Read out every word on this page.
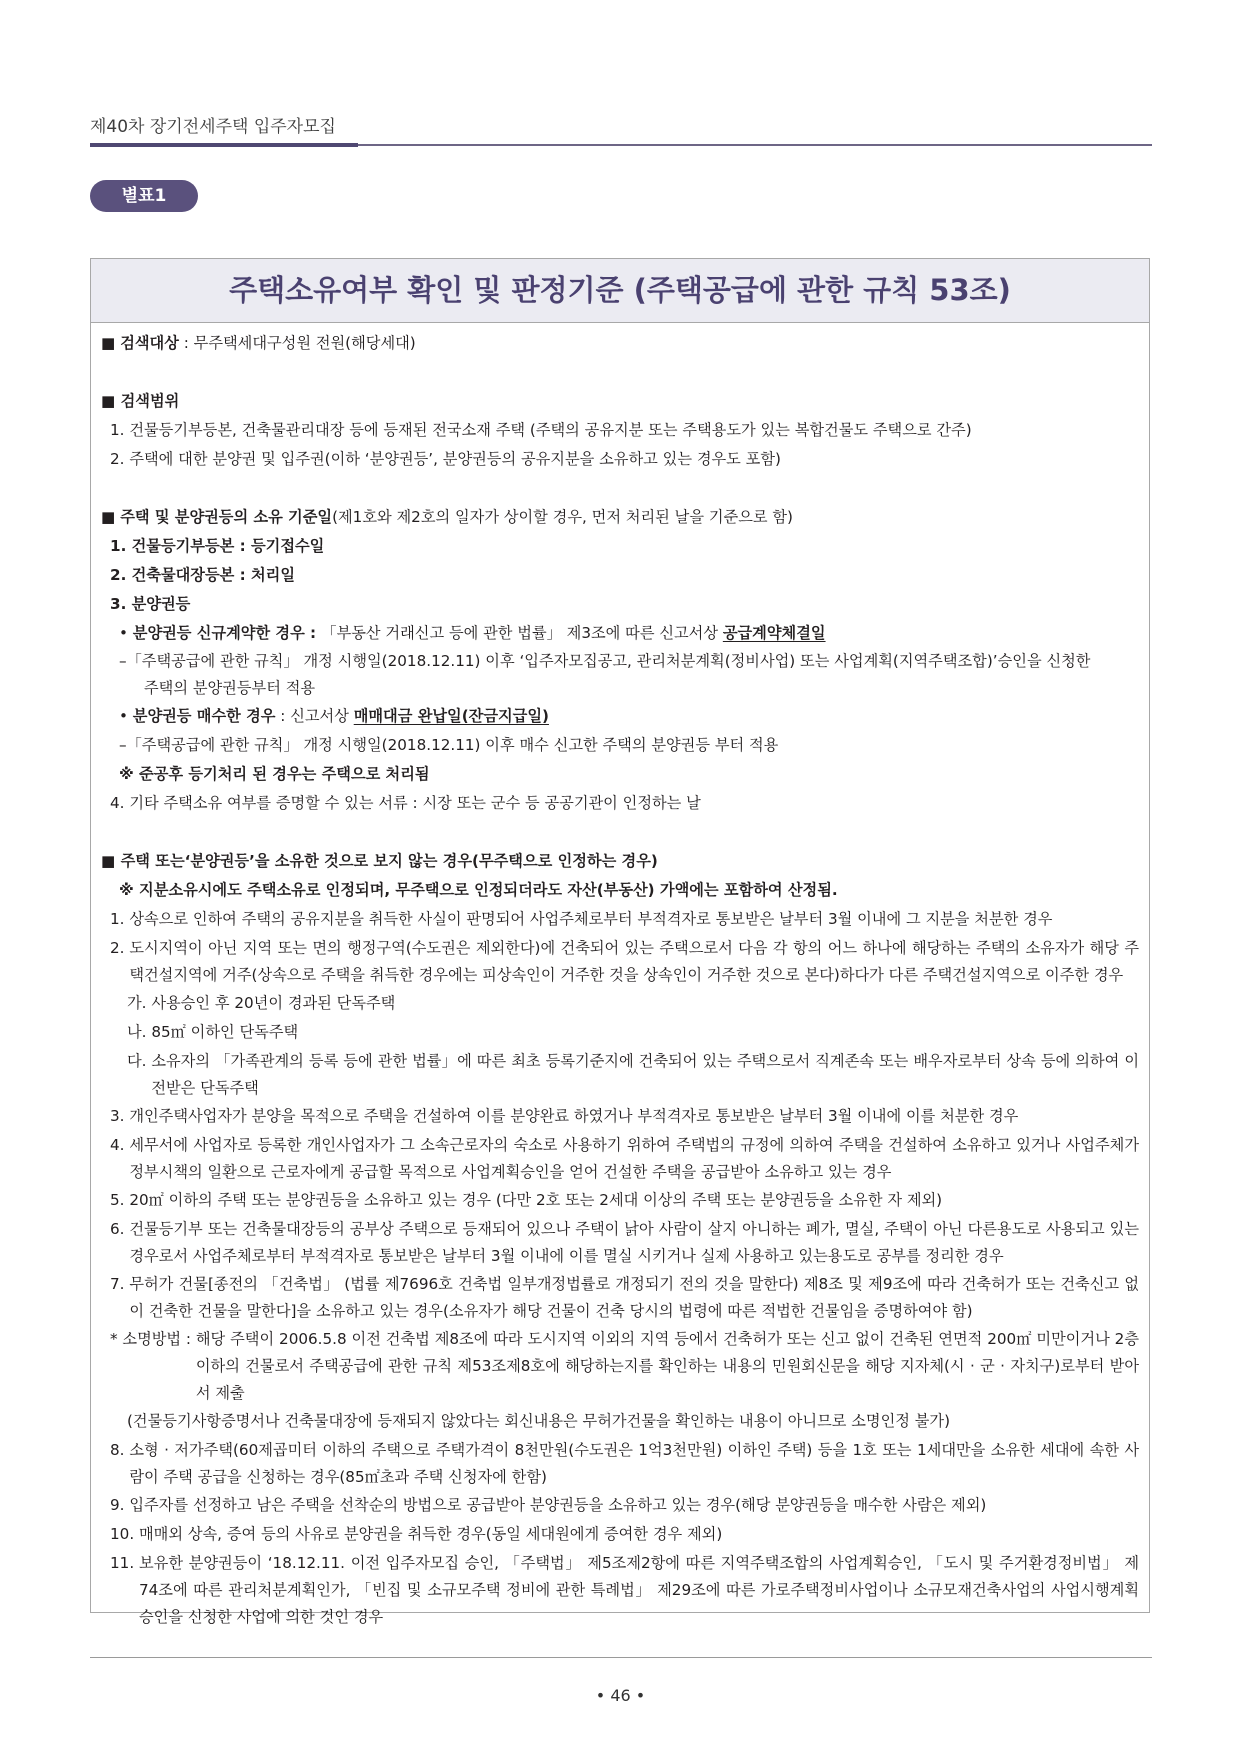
제40차 장기전세주택 입주자모집
별표1
주택소유여부 확인 및 판정기준 (주택공급에 관한 규칙 53조)
■ 검색대상 : 무주택세대구성원 전원(해당세대)
■ 검색범위
1. 건물등기부등본, 건축물관리대장 등에 등재된 전국소재 주택 (주택의 공유지분 또는 주택용도가 있는 복합건물도 주택으로 간주)
2. 주택에 대한 분양권 및 입주권(이하 ‘분양권등’, 분양권등의 공유지분을 소유하고 있는 경우도 포함)
■ 주택 및 분양권등의 소유 기준일(제1호와 제2호의 일자가 상이할 경우, 먼저 처리된 날을 기준으로 함)
1. 건물등기부등본 : 등기접수일
2. 건축물대장등본 : 처리일
3. 분양권등
• 분양권등 신규계약한 경우 : 「부동산 거래신고 등에 관한 법률」 제3조에 따른 신고서상 공급계약체결일
–「주택공급에 관한 규칙」 개정 시행일(2018.12.11) 이후 ‘입주자모집공고, 관리처분계획(정비사업) 또는 사업계획(지역주택조합)’승인을 신청한
주택의 분양권등부터 적용
• 분양권등 매수한 경우 : 신고서상 매매대금 완납일(잔금지급일)
–「주택공급에 관한 규칙」 개정 시행일(2018.12.11) 이후 매수 신고한 주택의 분양권등 부터 적용
※ 준공후 등기처리 된 경우는 주택으로 처리됨
4. 기타 주택소유 여부를 증명할 수 있는 서류 : 시장 또는 군수 등 공공기관이 인정하는 날
■ 주택 또는‘분양권등’을 소유한 것으로 보지 않는 경우(무주택으로 인정하는 경우)
※ 지분소유시에도 주택소유로 인정되며, 무주택으로 인정되더라도 자산(부동산) 가액에는 포함하여 산정됨.
1. 상속으로 인하여 주택의 공유지분을 취득한 사실이 판명되어 사업주체로부터 부적격자로 통보받은 날부터 3월 이내에 그 지분을 처분한 경우
2. 도시지역이 아닌 지역 또는 면의 행정구역(수도권은 제외한다)에 건축되어 있는 주택으로서 다음 각 항의 어느 하나에 해당하는 주택의 소유자가 해당 주택건설지역에 거주(상속으로 주택을 취득한 경우에는 피상속인이 거주한 것을 상속인이 거주한 것으로 본다)하다가 다른 주택건설지역으로 이주한 경우
가. 사용승인 후 20년이 경과된 단독주택
나. 85㎡ 이하인 단독주택
다. 소유자의 「가족관계의 등록 등에 관한 법률」에 따른 최초 등록기준지에 건축되어 있는 주택으로서 직계존속 또는 배우자로부터 상속 등에 의하여 이전받은 단독주택
3. 개인주택사업자가 분양을 목적으로 주택을 건설하여 이를 분양완료 하였거나 부적격자로 통보받은 날부터 3월 이내에 이를 처분한 경우
4. 세무서에 사업자로 등록한 개인사업자가 그 소속근로자의 숙소로 사용하기 위하여 주택법의 규정에 의하여 주택을 건설하여 소유하고 있거나 사업주체가 정부시책의 일환으로 근로자에게 공급할 목적으로 사업계획승인을 얻어 건설한 주택을 공급받아 소유하고 있는 경우
5. 20㎡ 이하의 주택 또는 분양권등을 소유하고 있는 경우 (다만 2호 또는 2세대 이상의 주택 또는 분양권등을 소유한 자 제외)
6. 건물등기부 또는 건축물대장등의 공부상 주택으로 등재되어 있으나 주택이 낡아 사람이 살지 아니하는 폐가, 멸실, 주택이 아닌 다른용도로 사용되고 있는 경우로서 사업주체로부터 부적격자로 통보받은 날부터 3월 이내에 이를 멸실 시키거나 실제 사용하고 있는용도로 공부를 정리한 경우
7. 무허가 건물[종전의 「건축법」 (법률 제7696호 건축법 일부개정법률로 개정되기 전의 것을 말한다) 제8조 및 제9조에 따라 건축허가 또는 건축신고 없이 건축한 건물을 말한다]을 소유하고 있는 경우(소유자가 해당 건물이 건축 당시의 법령에 따른 적법한 건물임을 증명하여야 함)
* 소명방법 : 해당 주택이 2006.5.8 이전 건축법 제8조에 따라 도시지역 이외의 지역 등에서 건축허가 또는 신고 없이 건축된 연면적 200㎡ 미만이거나 2층 이하의 건물로서 주택공급에 관한 규칙 제53조제8호에 해당하는지를 확인하는 내용의 민원회신문을 해당 지자체(시 · 군 · 자치구)로부터 받아서 제출
(건물등기사항증명서나 건축물대장에 등재되지 않았다는 회신내용은 무허가건물을 확인하는 내용이 아니므로 소명인정 불가)
8. 소형 · 저가주택(60제곱미터 이하의 주택으로 주택가격이 8천만원(수도권은 1억3천만원) 이하인 주택) 등을 1호 또는 1세대만을 소유한 세대에 속한 사람이 주택 공급을 신청하는 경우(85㎡초과 주택 신청자에 한함)
9. 입주자를 선정하고 남은 주택을 선착순의 방법으로 공급받아 분양권등을 소유하고 있는 경우(해당 분양권등을 매수한 사람은 제외)
10. 매매외 상속, 증여 등의 사유로 분양권을 취득한 경우(동일 세대원에게 증여한 경우 제외)
11. 보유한 분양권등이 ‘18.12.11. 이전 입주자모집 승인, 「주택법」 제5조제2항에 따른 지역주택조합의 사업계획승인, 「도시 및 주거환경정비법」 제74조에 따른 관리처분계획인가, 「빈집 및 소규모주택 정비에 관한 특례법」 제29조에 따른 가로주택정비사업이나 소규모재건축사업의 사업시행계획승인을 신청한 사업에 의한 것인 경우
• 46 •
